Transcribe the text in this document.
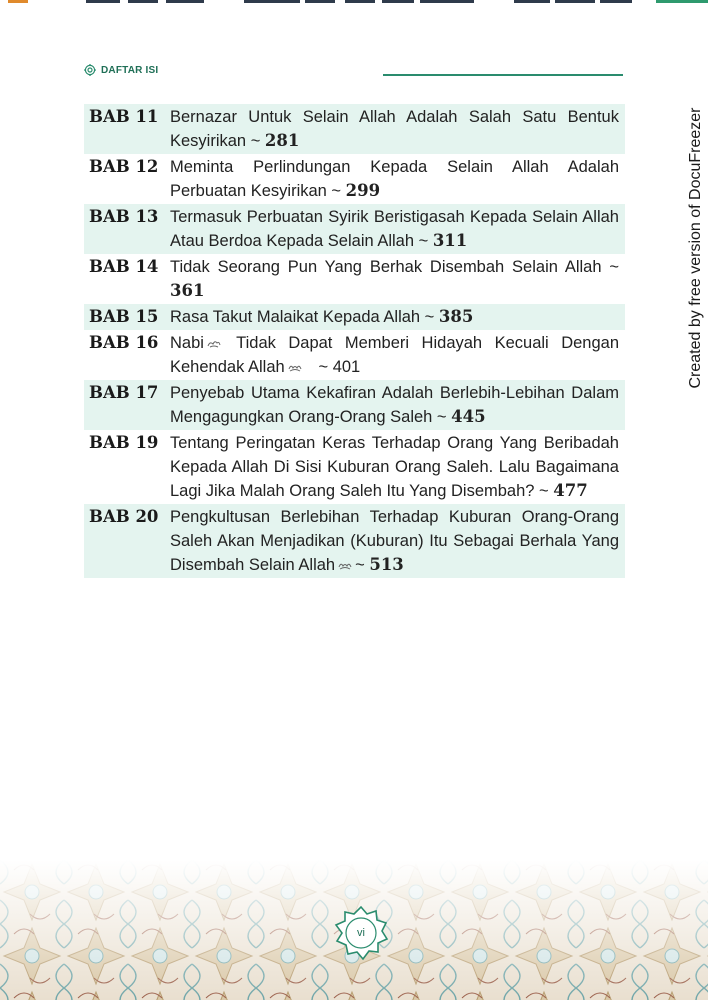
DAFTAR ISI
BAB 11 Bernazar Untuk Selain Allah Adalah Salah Satu Bentuk Kesyirikan ~ 281
BAB 12 Meminta Perlindungan Kepada Selain Allah Adalah Perbuatan Kesyirikan ~ 299
BAB 13 Termasuk Perbuatan Syirik Beristigasah Kepada Selain Allah Atau Berdoa Kepada Selain Allah ~ 311
BAB 14 Tidak Seorang Pun Yang Berhak Disembah Selain Allah ~ 361
BAB 15 Rasa Takut Malaikat Kepada Allah ~ 385
BAB 16 Nabi Tidak Dapat Memberi Hidayah Kecuali Dengan Kehendak Allah ~ 401
BAB 17 Penyebab Utama Kekafiran Adalah Berlebih-Lebihan Dalam Mengagungkan Orang-Orang Saleh ~ 445
BAB 19 Tentang Peringatan Keras Terhadap Orang Yang Beribadah Kepada Allah Di Sisi Kuburan Orang Saleh. Lalu Bagaimana Lagi Jika Malah Orang Saleh Itu Yang Disembah? ~ 477
BAB 20 Pengkultusan Berlebihan Terhadap Kuburan Orang-Orang Saleh Akan Menjadikan (Kuburan) Itu Sebagai Berhala Yang Disembah Selain Allah ~ 513
Created by free version of DocuFreezer
vi
